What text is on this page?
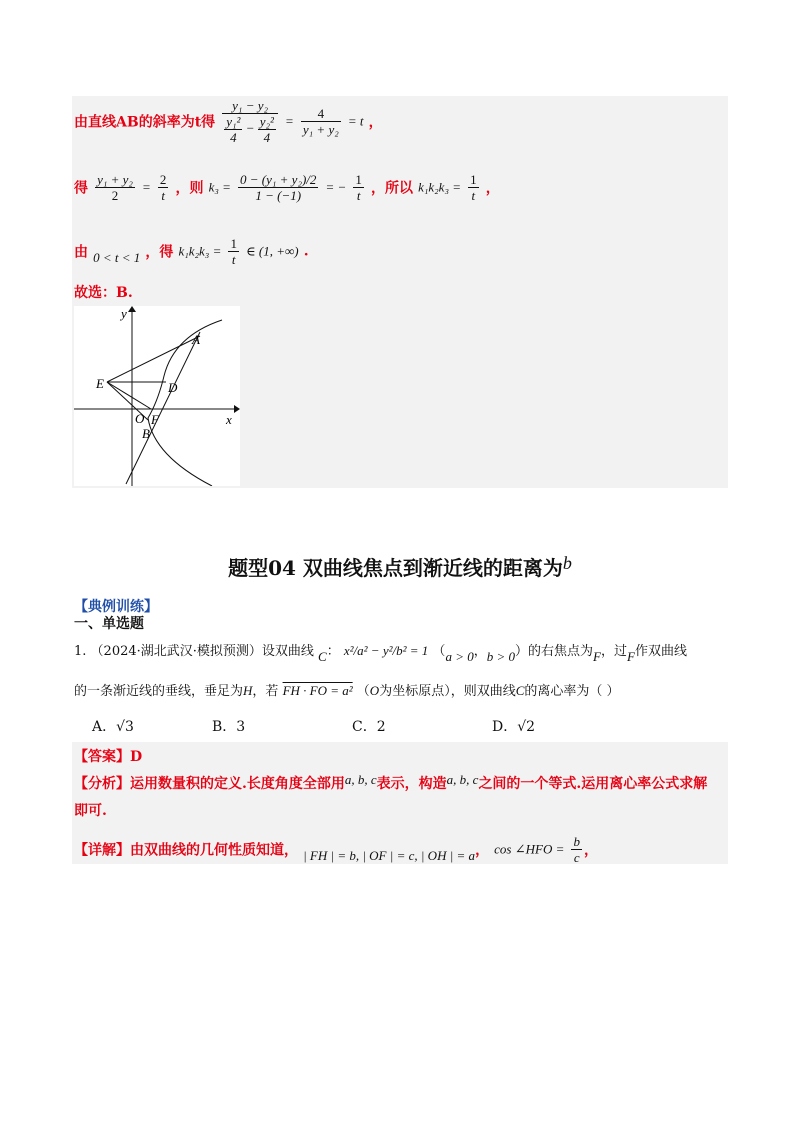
由直线AB的斜率为t得 $\frac{\text{y₁ − y₂}}{\frac{\text{y₁²}}{4} - \frac{\text{y₂²}}{4}} = \frac{4}{\text{y₁ + y₂}} = t$ ，
得 $\frac{\text{y₁ + y₂}}{2} = \frac{2}{t}$ ，则 $k_3 = \frac{\text{0 − (y₁ + y₂)/2}}{1 - (-1)}$ = − $\frac{1}{t}$ ，所以 $k_1k_2k_3 = \frac{1}{t}$ ，
由 $_{0 < t < 1}$ ，得 $k_1k_2k_3 = \frac{1}{t}$ ∈ (1, +∞) .
故选：B.
y
x
A
E	D
O F
B
题型04 双曲线焦点到渐近线的距离为b
【典例训练】
一、单选题
1. （2024·湖北武汉·模拟预测）设双曲线 C： x²/a² − y²/b² = 1 （a > 0，b > 0）的右焦点为F，过F作双曲线
的一条渐近线的垂线，垂足为H，若 FH · FO = a² （O为坐标原点），则双曲线C的离心率为（ ）
A．√3	B．3	C．2	D．√2
【答案】D
【分析】运用数量积的定义.长度角度全部用$^{a, b, c}$表示，构造$^{a, b, c}$之间的一个等式.运用离心率公式求解
即可.
【详解】由双曲线的几何性质知道， $_{| FH | = b, | OF | = c, | OH | = a}$， cos ∠HFO = $\frac{b}{c}$ ，
